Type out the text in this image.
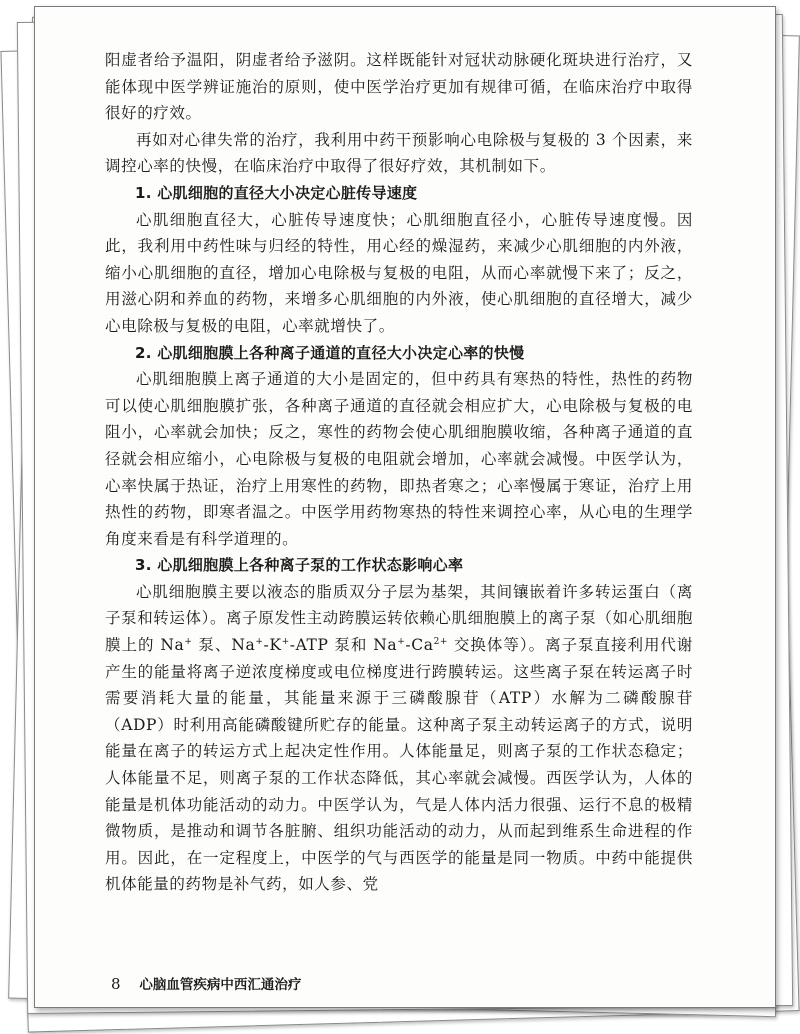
阳虚者给予温阳，阴虚者给予滋阴。这样既能针对冠状动脉硬化斑块进行治疗，又能体现中医学辨证施治的原则，使中医学治疗更加有规律可循，在临床治疗中取得很好的疗效。

再如对心律失常的治疗，我利用中药干预影响心电除极与复极的 3 个因素，来调控心率的快慢，在临床治疗中取得了很好疗效，其机制如下。

1. 心肌细胞的直径大小决定心脏传导速度

心肌细胞直径大，心脏传导速度快；心肌细胞直径小，心脏传导速度慢。因此，我利用中药性味与归经的特性，用心经的燥湿药，来减少心肌细胞的内外液，缩小心肌细胞的直径，增加心电除极与复极的电阻，从而心率就慢下来了；反之，用滋心阴和养血的药物，来增多心肌细胞的内外液，使心肌细胞的直径增大，减少心电除极与复极的电阻，心率就增快了。

2. 心肌细胞膜上各种离子通道的直径大小决定心率的快慢

心肌细胞膜上离子通道的大小是固定的，但中药具有寒热的特性，热性的药物可以使心肌细胞膜扩张，各种离子通道的直径就会相应扩大，心电除极与复极的电阻小，心率就会加快；反之，寒性的药物会使心肌细胞膜收缩，各种离子通道的直径就会相应缩小，心电除极与复极的电阻就会增加，心率就会减慢。中医学认为，心率快属于热证，治疗上用寒性的药物，即热者寒之；心率慢属于寒证，治疗上用热性的药物，即寒者温之。中医学用药物寒热的特性来调控心率，从心电的生理学角度来看是有科学道理的。

3. 心肌细胞膜上各种离子泵的工作状态影响心率

心肌细胞膜主要以液态的脂质双分子层为基架，其间镶嵌着许多转运蛋白（离子泵和转运体）。离子原发性主动跨膜运转依赖心肌细胞膜上的离子泵（如心肌细胞膜上的 Na+ 泵、Na+-K+-ATP 泵和 $Na^+-Ca^{2+}$ 交换体等）。离子泵直接利用代谢产生的能量将离子逆浓度梯度或电位梯度进行跨膜转运。这些离子泵在转运离子时需要消耗大量的能量，其能量来源于三磷酸腺苷（ATP）水解为二磷酸腺苷（ADP）时利用高能磷酸键所贮存的能量。这种离子泵主动转运离子的方式，说明能量在离子的转运方式上起决定性作用。人体能量足，则离子泵的工作状态稳定；人体能量不足，则离子泵的工作状态降低，其心率就会减慢。西医学认为，人体的能量是机体功能活动的动力。中医学认为，气是人体内活力很强、运行不息的极精微物质，是推动和调节各脏腑、组织功能活动的动力，从而起到维系生命进程的作用。因此，在一定程度上，中医学的气与西医学的能量是同一物质。中药中能提供机体能量的药物是补气药，如人参、党

8 心脑血管疾病中西汇通治疗
